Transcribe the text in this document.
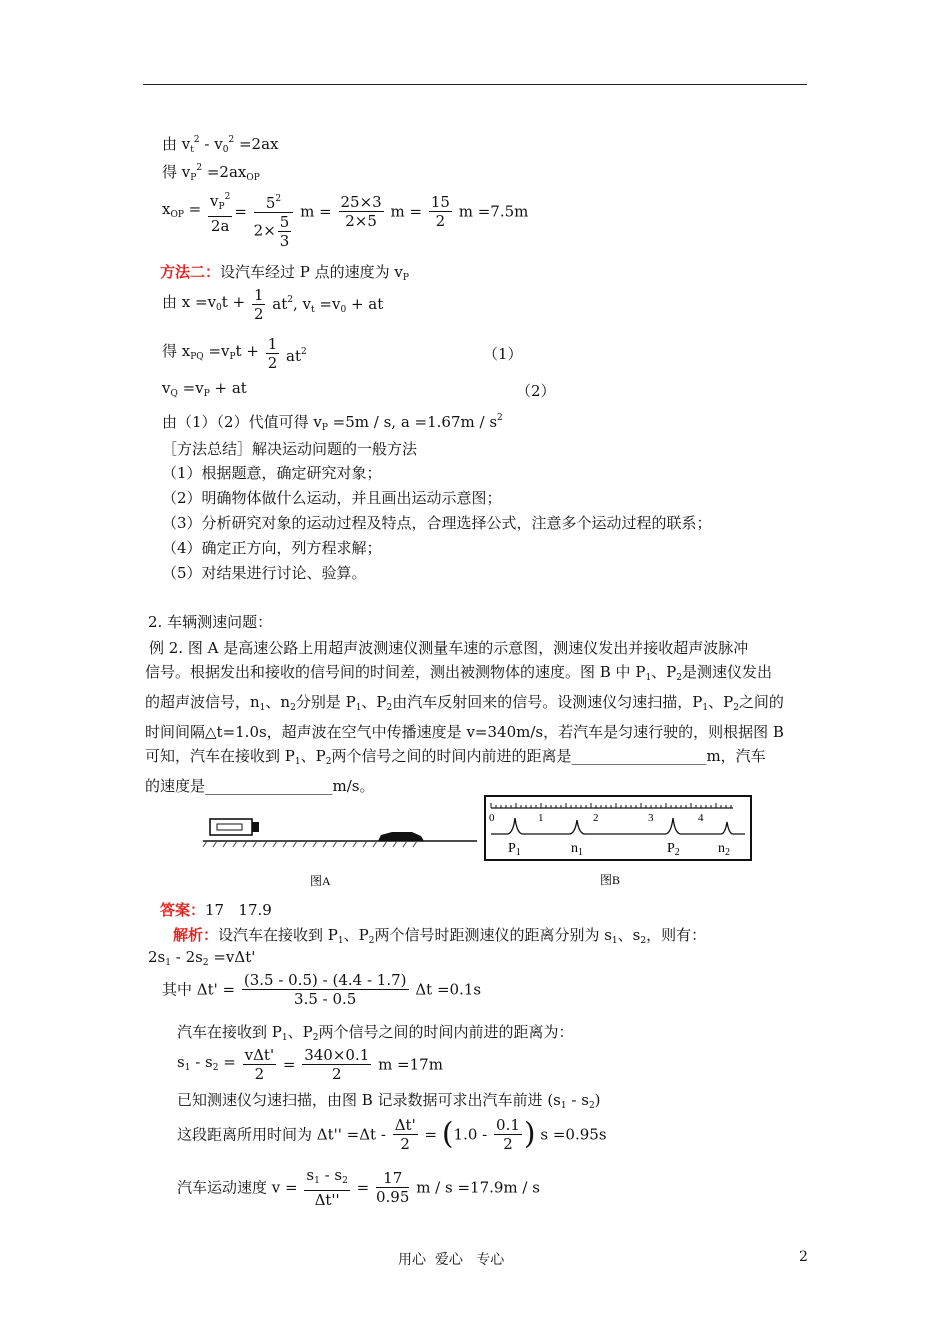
由 $v_t^2 - v_0^2 =2ax$
得 $v_P^2 =2ax_{OP}$
$x_{OP} = \frac{v_P^2}{2a} = \frac{5^2}{2\times \frac{5}{3}}$ $m = \frac{25\times 3}{2\times 5}$ $m = \frac{15}{2}$ m =7.5m
方法二：设汽车经过 P 点的速度为 $v_P$
由 $x =v_0t + \frac{1}{2} at^2$, $v_t =v_0$ + at
得 $x_{PQ} =v_Pt + \frac{1}{2} at^2$	（1）
$v_Q =v_P$ + at	（2）
由（1）（2）代值可得 $v_P =5m / s$, $a =1.67m / s^2$
［方法总结］解决运动问题的一般方法
（1）根据题意，确定研究对象；
（2）明确物体做什么运动，并且画出运动示意图；
（3）分析研究对象的运动过程及特点，合理选择公式，注意多个运动过程的联系；
（4）确定正方向，列方程求解；
（5）对结果进行讨论、验算。
2. 车辆测速问题：
例 2. 图 A 是高速公路上用超声波测速仪测量车速的示意图，测速仪发出并接收超声波脉冲
信号。根据发出和接收的信号间的时间差，测出被测物体的速度。图 B 中 $P_1$、$P_2$是测速仪发出
的超声波信号，$n_1$、$n_2$分别是 $P_1$、$P_2$由汽车反射回来的信号。设测速仪匀速扫描，$P_1$、$P_2$之间的
时间间隔△t=1.0s，超声波在空气中传播速度是 v=340m/s，若汽车是匀速行驶的，则根据图 B
可知，汽车在接收到 $P_1$、$P_2$两个信号之间的时间内前进的距离是__________________m，汽车
的速度是_________________m/s。
图A
0	1	2	3	4
$P_1$	$n_1$	$P_2$	$n_2$
图B
答案：17   17.9
解析：设汽车在接收到 $P_1$、$P_2$两个信号时距测速仪的距离分别为 $s_1$、$s_2$，则有：
$2s_1 - 2s_2 =v\Delta t'$
其中 $\Delta t' = \frac{(3.5 - 0.5) - (4.4 - 1.7)}{3.5 - 0.5}$ Δt =0.1s
汽车在接收到 $P_1$、$P_2$两个信号之间的时间内前进的距离为：
$s_1 - s_2 = \frac{\text{vΔt'}}{2} = \frac{340\times 0.1}{2}$ m =17m
已知测速仪匀速扫描，由图 B 记录数据可求出汽车前进 $(s_1 - s_2)$
这段距离所用时间为 $\Delta t'' =\Delta t - \frac{\Delta t'}{2} = (1.0 - \frac{0.1}{2}$ ) s =0.95s
汽车运动速度 $v = \frac{s_1 - s_2}{\Delta t''} = \frac{17}{0.95}$ m / s =17.9m / s
用心  爱心   专心	2
